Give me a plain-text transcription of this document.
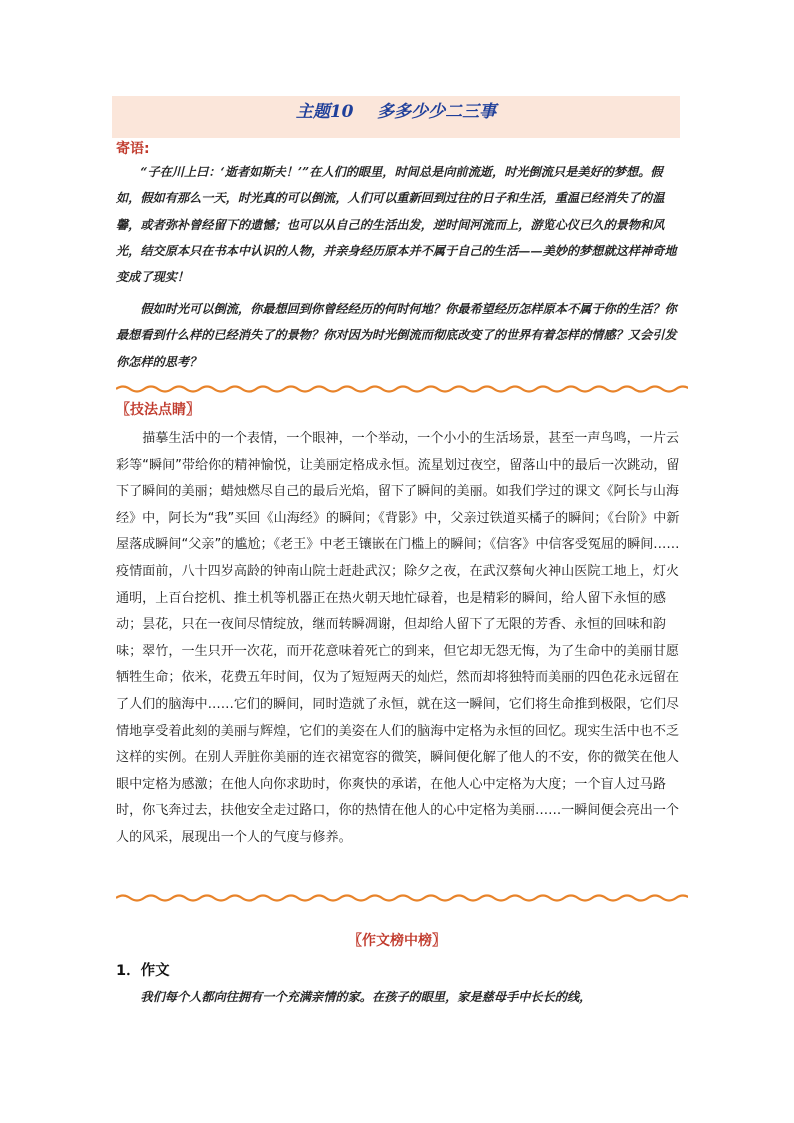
主题10    多多少少二三事
寄语:

“子在川上曰：‘逝者如斯夫！’”在人们的眼里，时间总是向前流逝，时光倒流只是美好的梦想。假如，假如有那么一天，时光真的可以倒流，人们可以重新回到过往的日子和生活，重温已经消失了的温馨，或者弥补曾经留下的遗憾；也可以从自己的生活出发，逆时间河流而上，游览心仪已久的景物和风光，结交原本只在书本中认识的人物，并亲身经历原本并不属于自己的生活——美妙的梦想就这样神奇地变成了现实！

假如时光可以倒流，你最想回到你曾经经历的何时何地？你最希望经历怎样原本不属于你的生活？你最想看到什么样的已经消失了的景物？你对因为时光倒流而彻底改变了的世界有着怎样的情感？又会引发你怎样的思考？

〖技法点睛〗

描摹生活中的一个表情，一个眼神，一个举动，一个小小的生活场景，甚至一声鸟鸣，一片云彩等“瞬间”带给你的精神愉悦，让美丽定格成永恒。流星划过夜空，留落山中的最后一次跳动，留下了瞬间的美丽；蜡烛燃尽自己的最后光焰，留下了瞬间的美丽。如我们学过的课文《阿长与山海经》中，阿长为“我”买回《山海经》的瞬间；《背影》中，父亲过铁道买橘子的瞬间；《台阶》中新屋落成瞬间“父亲”的尴尬；《老王》中老王镶嵌在门槛上的瞬间；《信客》中信客受冤屈的瞬间……疫情面前，八十四岁高龄的钟南山院士赶赴武汉；除夕之夜，在武汉蔡甸火神山医院工地上，灯火通明，上百台挖机、推土机等机器正在热火朝天地忙碌着，也是精彩的瞬间，给人留下永恒的感动；昙花，只在一夜间尽情绽放，继而转瞬凋谢，但却给人留下了无限的芳香、永恒的回味和韵味；翠竹，一生只开一次花，而开花意味着死亡的到来，但它却无怨无悔，为了生命中的美丽甘愿牺牲生命；依米，花费五年时间，仅为了短短两天的灿烂，然而却将独特而美丽的四色花永远留在了人们的脑海中……它们的瞬间，同时造就了永恒，就在这一瞬间，它们将生命推到极限，它们尽情地享受着此刻的美丽与辉煌，它们的美姿在人们的脑海中定格为永恒的回忆。现实生活中也不乏这样的实例。在别人弄脏你美丽的连衣裙宽容的微笑，瞬间便化解了他人的不安，你的微笑在他人眼中定格为感激；在他人向你求助时，你爽快的承诺，在他人心中定格为大度；一个盲人过马路时，你飞奔过去，扶他安全走过路口，你的热情在他人的心中定格为美丽……一瞬间便会亮出一个人的风采，展现出一个人的气度与修养。

〖作文榜中榜〗
1．作文

我们每个人都向往拥有一个充满亲情的家。在孩子的眼里，家是慈母手中长长的线，
